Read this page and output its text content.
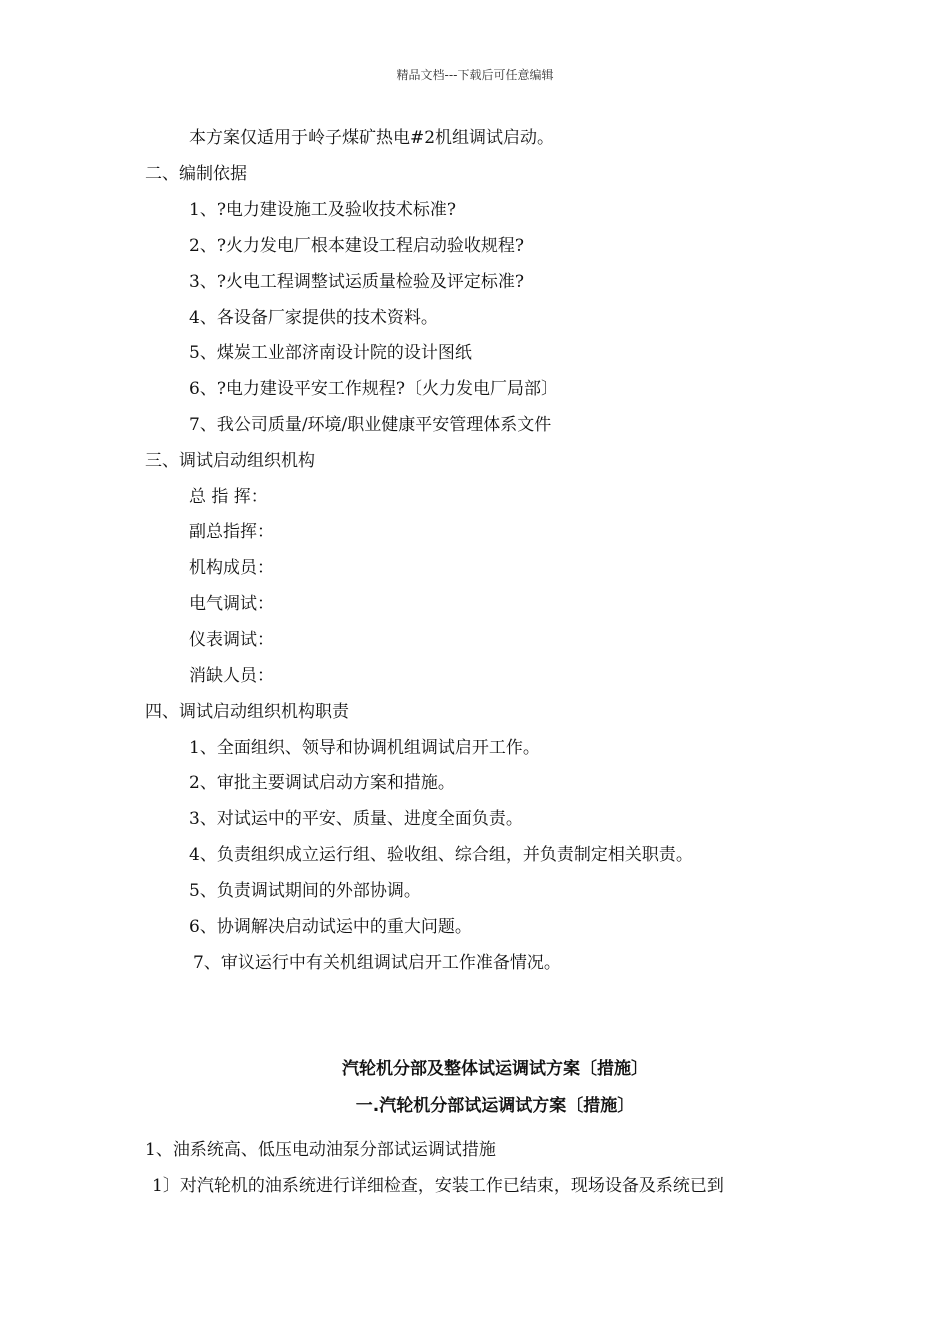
精品文档---下载后可任意编辑
本方案仅适用于岭子煤矿热电#2机组调试启动。
二、编制依据
1、?电力建设施工及验收技术标准?
2、?火力发电厂根本建设工程启动验收规程?
3、?火电工程调整试运质量检验及评定标准?
4、各设备厂家提供的技术资料。
5、煤炭工业部济南设计院的设计图纸
6、?电力建设平安工作规程?〔火力发电厂局部〕
7、我公司质量/环境/职业健康平安管理体系文件
三、调试启动组织机构
总 指 挥：
副总指挥：
机构成员：
电气调试：
仪表调试：
消缺人员：
四、调试启动组织机构职责
1、全面组织、领导和协调机组调试启开工作。
2、审批主要调试启动方案和措施。
3、对试运中的平安、质量、进度全面负责。
4、负责组织成立运行组、验收组、综合组，并负责制定相关职责。
5、负责调试期间的外部协调。
6、协调解决启动试运中的重大问题。
7、审议运行中有关机组调试启开工作准备情况。
汽轮机分部及整体试运调试方案〔措施〕
一.汽轮机分部试运调试方案〔措施〕
1、油系统高、低压电动油泵分部试运调试措施
1〕对汽轮机的油系统进行详细检查，安装工作已结束，现场设备及系统已到
